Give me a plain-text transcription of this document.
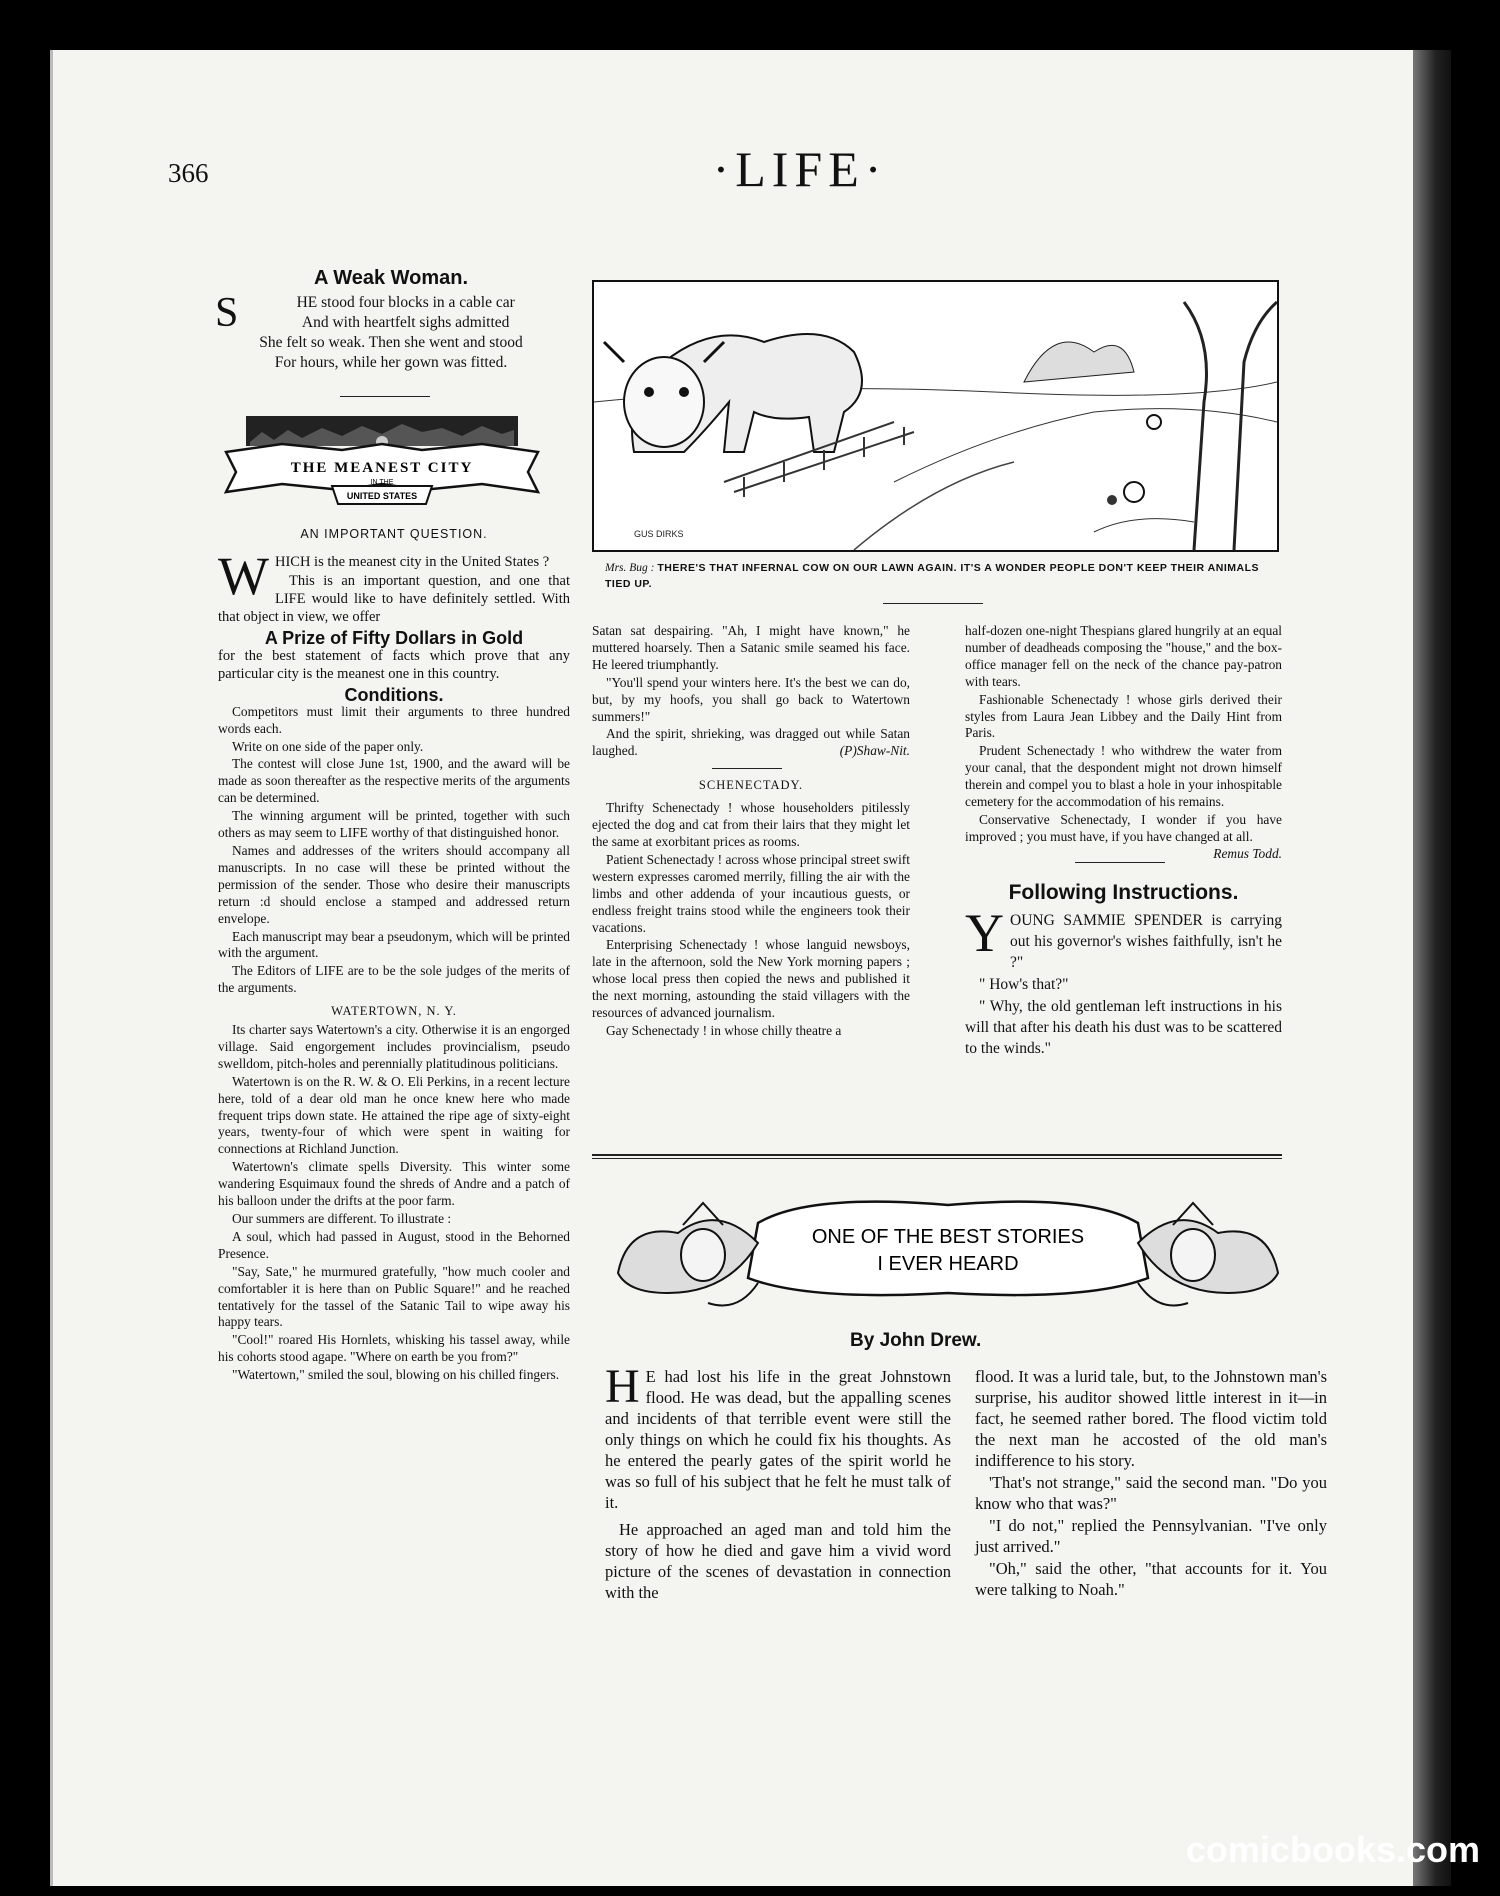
366	·LIFE·
A Weak Woman.
S	HE stood four blocks in a cable car
And with heartfelt sighs admitted
She felt so weak. Then she went and stood
For hours, while her gown was fitted.
THE MEANEST CITY
IN THE
UNITED STATES
AN IMPORTANT QUESTION.

WHICH is the meanest city in the United States ?

This is an important question, and one that LIFE would like to have definitely settled. With that object in view, we offer

A Prize of Fifty Dollars in Gold

for the best statement of facts which prove that any particular city is the meanest one in this country.

Conditions.

Competitors must limit their arguments to three hundred words each.

Write on one side of the paper only.

The contest will close June 1st, 1900, and the award will be made as soon thereafter as the respective merits of the arguments can be determined.

The winning argument will be printed, together with such others as may seem to LIFE worthy of that distinguished honor.

Names and addresses of the writers should accompany all manuscripts. In no case will these be printed without the permission of the sender. Those who desire their manuscripts return :d should enclose a stamped and addressed return envelope.

Each manuscript may bear a pseudonym, which will be printed with the argument.

The Editors of LIFE are to be the sole judges of the merits of the arguments.

WATERTOWN, N. Y.

Its charter says Watertown's a city. Otherwise it is an engorged village. Said engorgement includes provincialism, pseudo swelldom, pitch-holes and perennially platitudinous politicians.

Watertown is on the R. W. & O. Eli Perkins, in a recent lecture here, told of a dear old man he once knew here who made frequent trips down state. He attained the ripe age of sixty-eight years, twenty-four of which were spent in waiting for connections at Richland Junction.

Watertown's climate spells Diversity. This winter some wandering Esquimaux found the shreds of Andre and a patch of his balloon under the drifts at the poor farm.

Our summers are different. To illustrate :

A soul, which had passed in August, stood in the Behorned Presence.

"Say, Sate," he murmured gratefully, "how much cooler and comfortabler it is here than on Public Square!" and he reached tentatively for the tassel of the Satanic Tail to wipe away his happy tears.

"Cool!" roared His Hornlets, whisking his tassel away, while his cohorts stood agape. "Where on earth be you from?"

"Watertown," smiled the soul, blowing on his chilled fingers.

GUS DIRKS
Mrs. Bug : THERE'S THAT INFERNAL COW ON OUR LAWN AGAIN. IT'S A WONDER PEOPLE DON'T KEEP THEIR ANIMALS TIED UP.

Satan sat despairing. "Ah, I might have known," he muttered hoarsely. Then a Satanic smile seamed his face. He leered triumphantly.

"You'll spend your winters here. It's the best we can do, but, by my hoofs, you shall go back to Watertown summers!"

And the spirit, shrieking, was dragged out while Satan laughed.	(P)Shaw-Nit.

SCHENECTADY.

Thrifty Schenectady ! whose householders pitilessly ejected the dog and cat from their lairs that they might let the same at exorbitant prices as rooms.

Patient Schenectady ! across whose principal street swift western expresses caromed merrily, filling the air with the limbs and other addenda of your incautious guests, or endless freight trains stood while the engineers took their vacations.

Enterprising Schenectady ! whose languid newsboys, late in the afternoon, sold the New York morning papers ; whose local press then copied the news and published it the next morning, astounding the staid villagers with the resources of advanced journalism.

Gay Schenectady ! in whose chilly theatre a

half-dozen one-night Thespians glared hungrily at an equal number of deadheads composing the "house," and the box-office manager fell on the neck of the chance pay-patron with tears.

Fashionable Schenectady ! whose girls derived their styles from Laura Jean Libbey and the Daily Hint from Paris.

Prudent Schenectady ! who withdrew the water from your canal, that the despondent might not drown himself therein and compel you to blast a hole in your inhospitable cemetery for the accommodation of his remains.

Conservative Schenectady, I wonder if you have improved ; you must have, if you have changed at all.
Remus Todd.

Following Instructions.

YOUNG SAMMIE SPENDER is carrying out his governor's wishes faithfully, isn't he ?"

" How's that?"

" Why, the old gentleman left instructions in his will that after his death his dust was to be scattered to the winds."

ONE OF THE BEST STORIES
I EVER HEARD
By John Drew.

H E had lost his life in the great Johnstown flood. He was dead, but the appalling scenes and incidents of that terrible event were still the only things on which he could fix his thoughts. As he entered the pearly gates of the spirit world he was so full of his subject that he felt he must talk of it.

He approached an aged man and told him the story of how he died and gave him a vivid word picture of the scenes of devastation in connection with the

flood. It was a lurid tale, but, to the Johnstown man's surprise, his auditor showed little interest in it—in fact, he seemed rather bored. The flood victim told the next man he accosted of the old man's indifference to his story.

'That's not strange," said the second man. "Do you know who that was?"

"I do not," replied the Pennsylvanian. "I've only just arrived."

"Oh," said the other, "that accounts for it. You were talking to Noah."

comicbooks.com
